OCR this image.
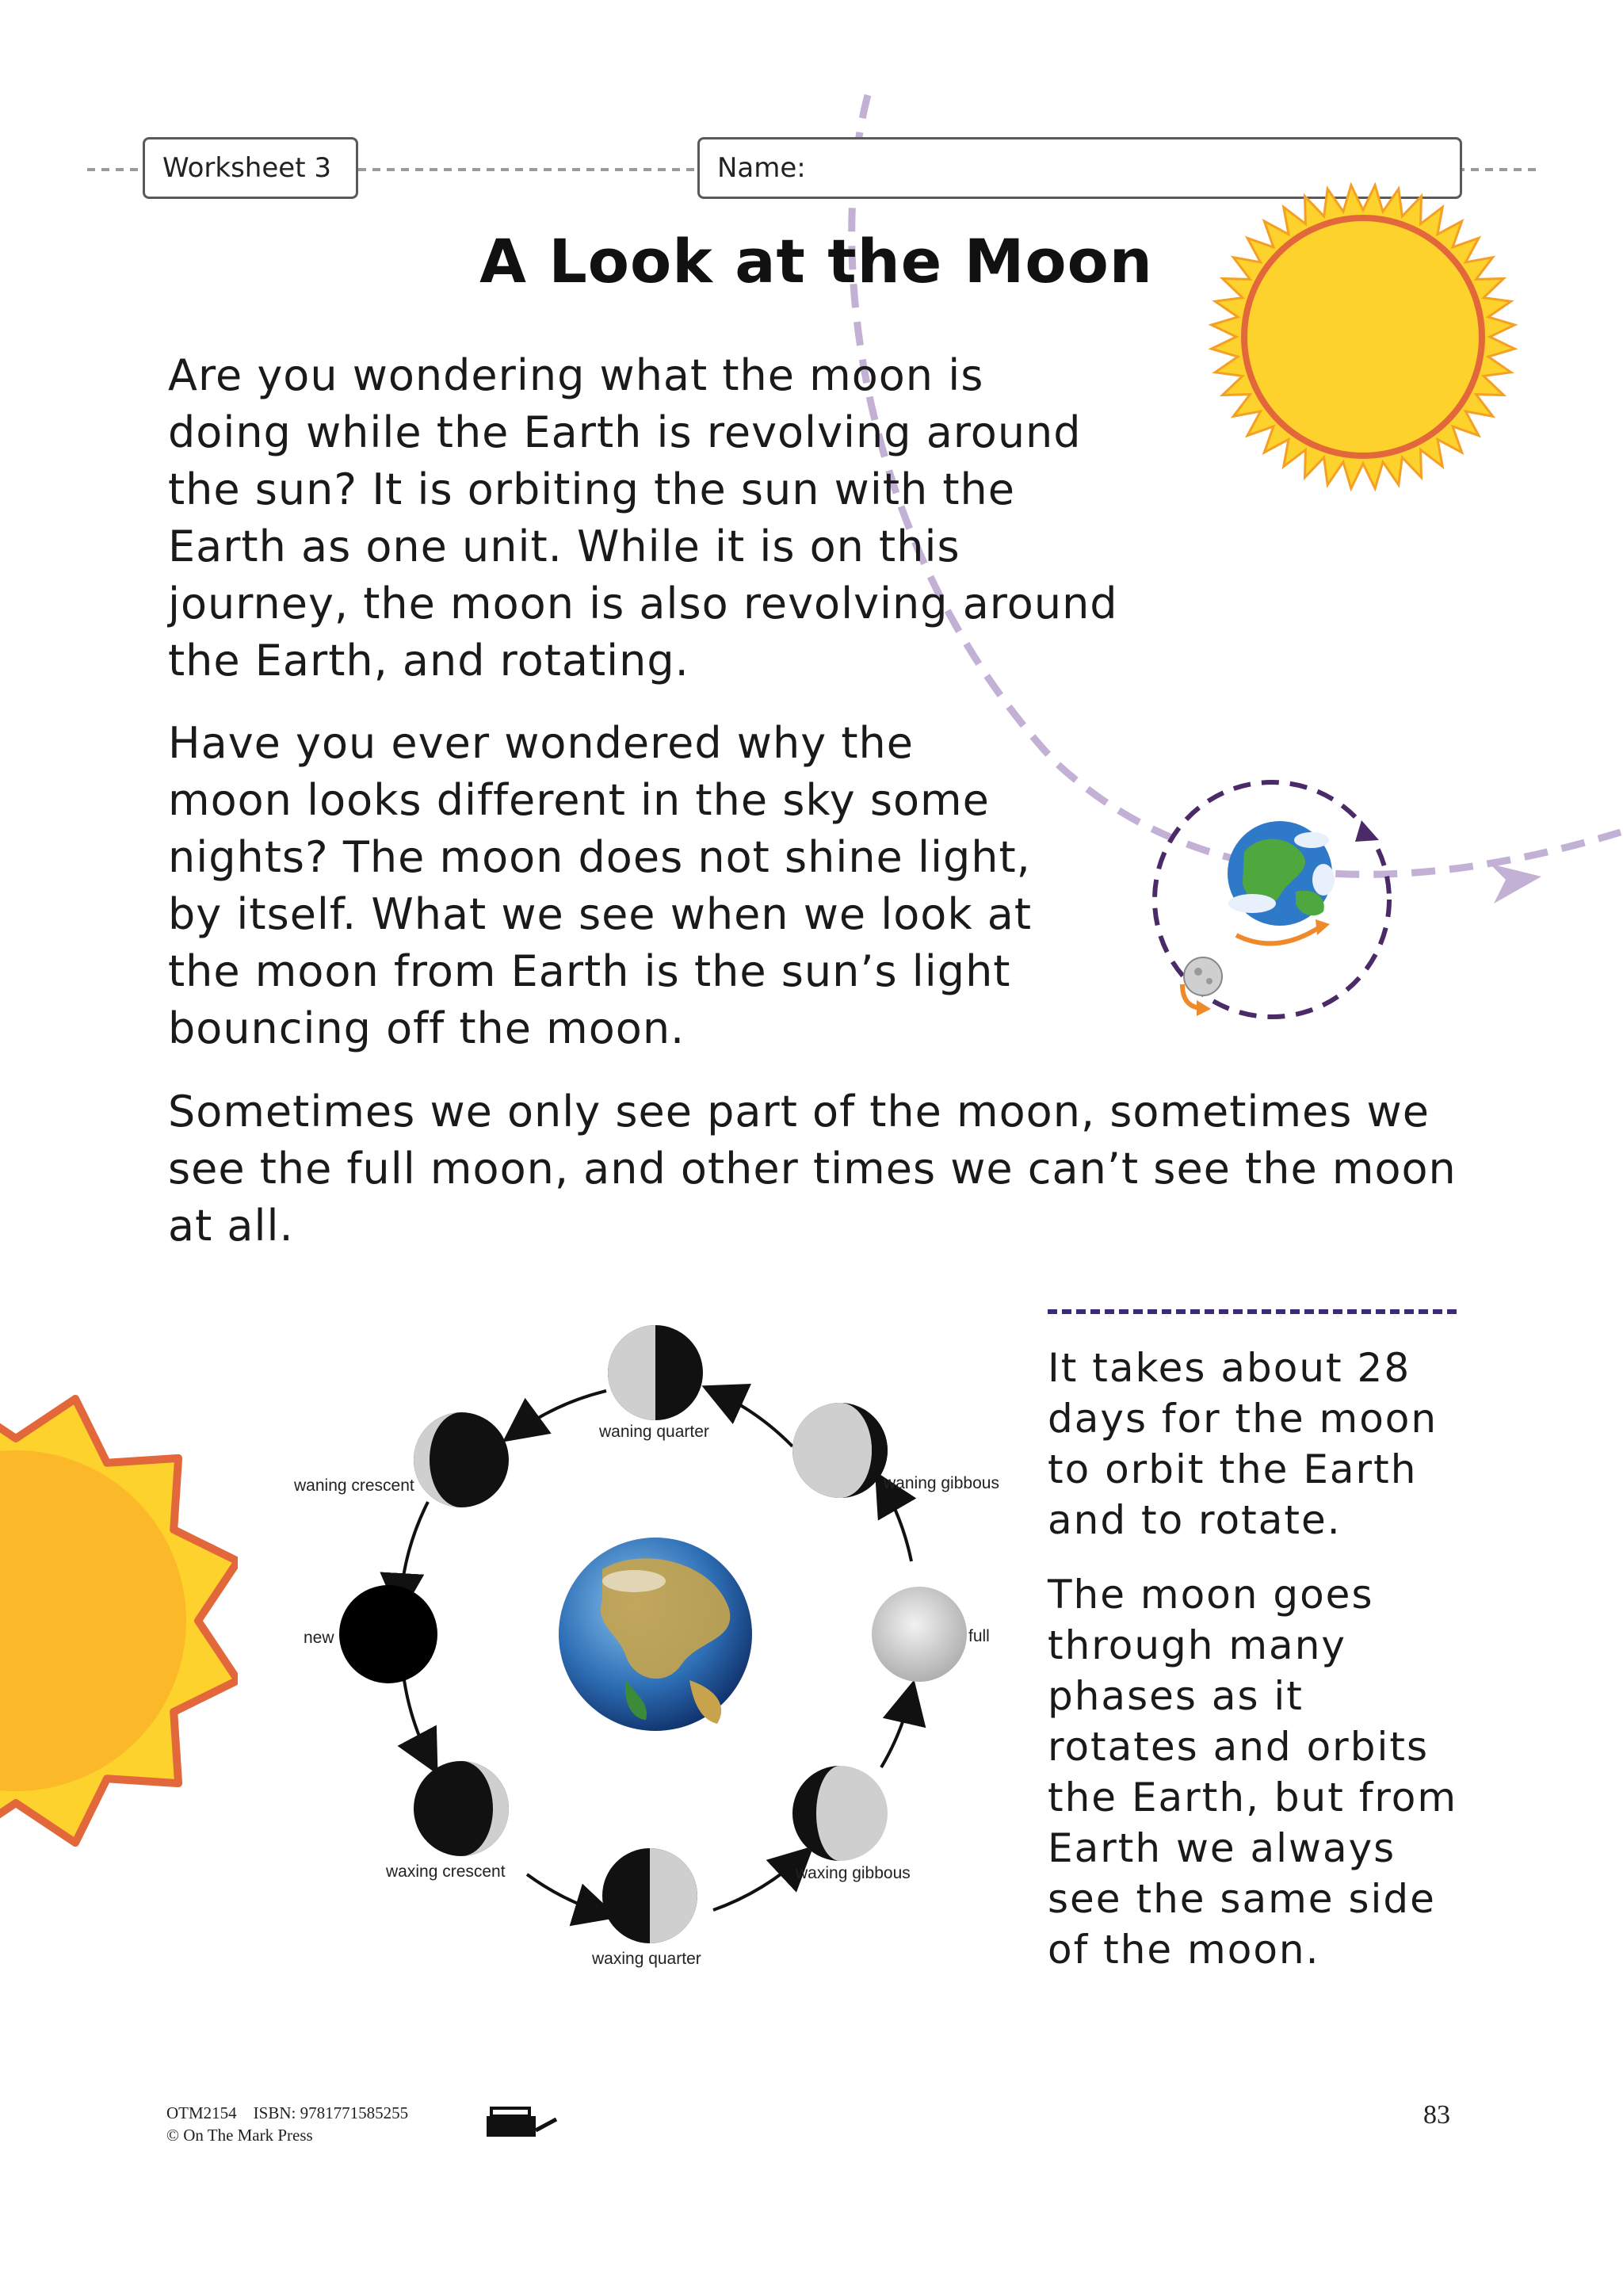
Worksheet 3	Name:
A Look at the Moon

Are you wondering what the moon is

doing while the Earth is revolving around

the sun? It is orbiting the sun with the

Earth as one unit. While it is on this

journey, the moon is also revolving around

the Earth, and rotating.

Have you ever wondered why the

moon looks different in the sky some

nights? The moon does not shine light,

by itself. What we see when we look at

the moon from Earth is the sun’s light

bouncing off the moon.

Sometimes we only see part of the moon, sometimes we

see the full moon, and other times we can’t see the moon

at all.

waning quarter
waning gibbous
full
waxing gibbous
waxing quarter
waxing crescent
new
waning crescent

It takes about 28

days for the moon

to orbit the Earth

and to rotate.

The moon goes

through many

phases as it

rotates and orbits

the Earth, but from

Earth we always

see the same side

of the moon.

OTM2154 ISBN: 9781771585255
© On The Mark Press
83
